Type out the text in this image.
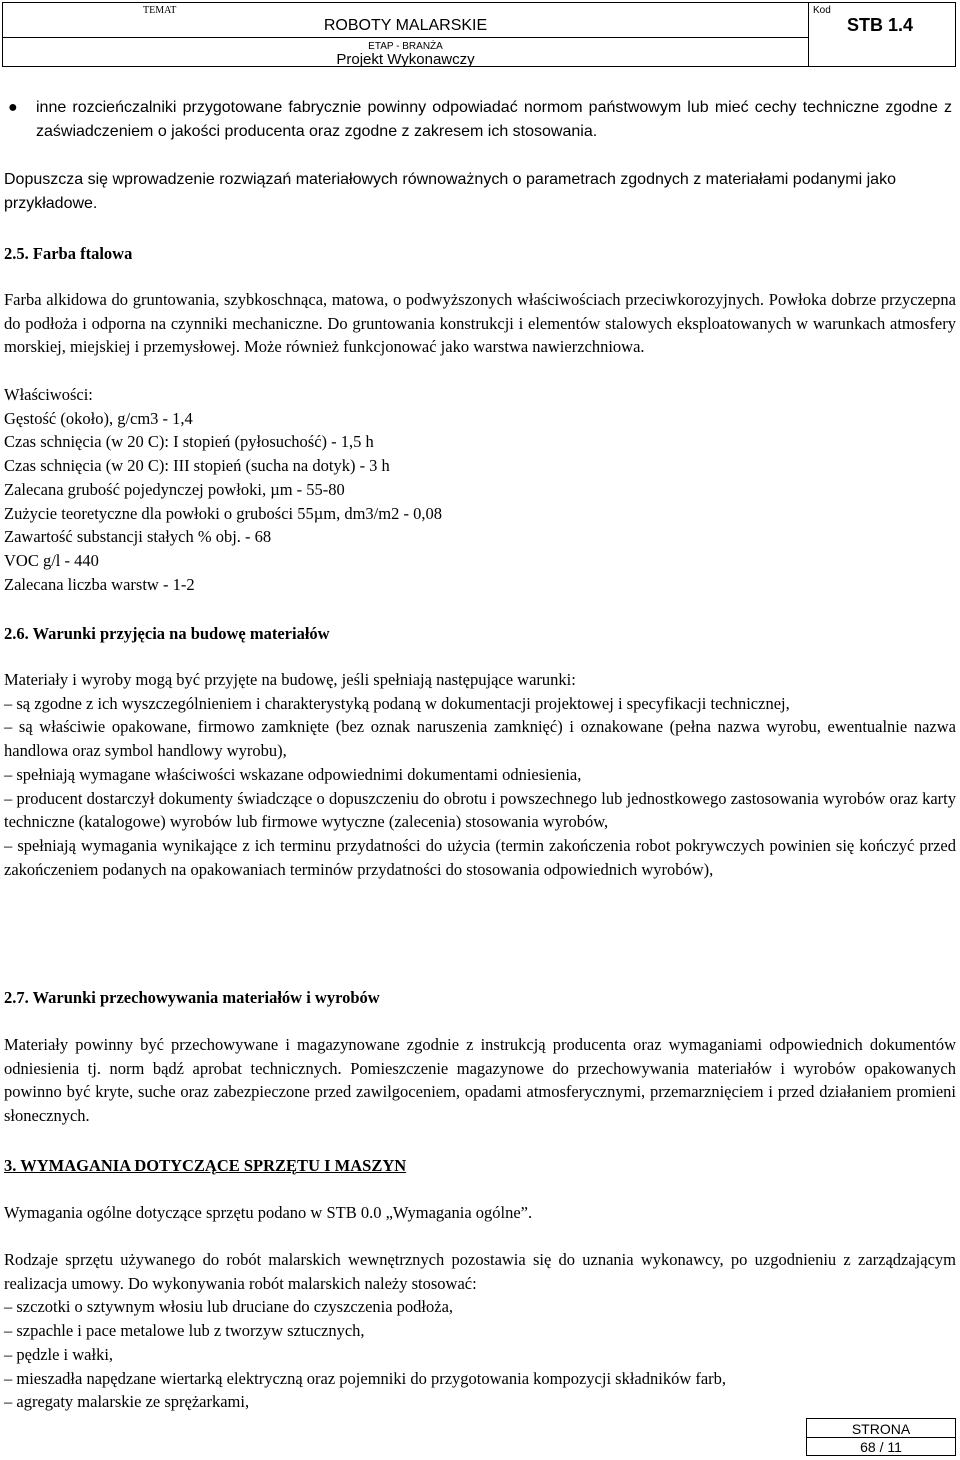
TEMAT
ROBOTY MALARSKIE
ETAP - BRANŻA
Projekt Wykonawczy
Kod
STB 1.4
● inne rozcieńczalniki przygotowane fabrycznie powinny odpowiadać normom państwowym lub mieć cechy techniczne zgodne z zaświadczeniem o jakości producenta oraz zgodne z zakresem ich stosowania.
Dopuszcza się wprowadzenie rozwiązań materiałowych równoważnych o parametrach zgodnych z materiałami podanymi jako przykładowe.
2.5. Farba ftalowa
Farba alkidowa do gruntowania, szybkoschnąca, matowa, o podwyższonych właściwościach przeciwkorozyjnych. Powłoka dobrze przyczepna do podłoża i odporna na czynniki mechaniczne. Do gruntowania konstrukcji i elementów stalowych eksploatowanych w warunkach atmosfery morskiej, miejskiej i przemysłowej. Może również funkcjonować jako warstwa nawierzchniowa.
Właściwości:
Gęstość (około), g/cm3 - 1,4
Czas schnięcia (w 20 C): I stopień (pyłosuchość) - 1,5 h
Czas schnięcia (w 20 C): III stopień (sucha na dotyk) - 3 h
Zalecana grubość pojedynczej powłoki, µm - 55-80
Zużycie teoretyczne dla powłoki o grubości 55µm, dm3/m2 - 0,08
Zawartość substancji stałych % obj. - 68
VOC g/l - 440
Zalecana liczba warstw - 1-2
2.6. Warunki przyjęcia na budowę materiałów
Materiały i wyroby mogą być przyjęte na budowę, jeśli spełniają następujące warunki:
– są zgodne z ich wyszczególnieniem i charakterystyką podaną w dokumentacji projektowej i specyfikacji technicznej,
– są właściwie opakowane, firmowo zamknięte (bez oznak naruszenia zamknięć) i oznakowane (pełna nazwa wyrobu, ewentualnie nazwa handlowa oraz symbol handlowy wyrobu),
– spełniają wymagane właściwości wskazane odpowiednimi dokumentami odniesienia,
– producent dostarczył dokumenty świadczące o dopuszczeniu do obrotu i powszechnego lub jednostkowego zastosowania wyrobów oraz karty techniczne (katalogowe) wyrobów lub firmowe wytyczne (zalecenia) stosowania wyrobów,
– spełniają wymagania wynikające z ich terminu przydatności do użycia (termin zakończenia robot pokrywczych powinien się kończyć przed zakończeniem podanych na opakowaniach terminów przydatności do stosowania odpowiednich wyrobów),
2.7. Warunki przechowywania materiałów i wyrobów
Materiały powinny być przechowywane i magazynowane zgodnie z instrukcją producenta oraz wymaganiami odpowiednich dokumentów odniesienia tj. norm bądź aprobat technicznych. Pomieszczenie magazynowe do przechowywania materiałów i wyrobów opakowanych powinno być kryte, suche oraz zabezpieczone przed zawilgoceniem, opadami atmosferycznymi, przemarznięciem i przed działaniem promieni słonecznych.
3. WYMAGANIA DOTYCZĄCE SPRZĘTU I MASZYN
Wymagania ogólne dotyczące sprzętu podano w STB 0.0 „Wymagania ogólne”.
Rodzaje sprzętu używanego do robót malarskich wewnętrznych pozostawia się do uznania wykonawcy, po uzgodnieniu z zarządzającym realizacja umowy. Do wykonywania robót malarskich należy stosować:
– szczotki o sztywnym włosiu lub druciane do czyszczenia podłoża,
– szpachle i pace metalowe lub z tworzyw sztucznych,
– pędzle i wałki,
– mieszadła napędzane wiertarką elektryczną oraz pojemniki do przygotowania kompozycji składników farb,
– agregaty malarskie ze sprężarkami,
STRONA
68 / 11
